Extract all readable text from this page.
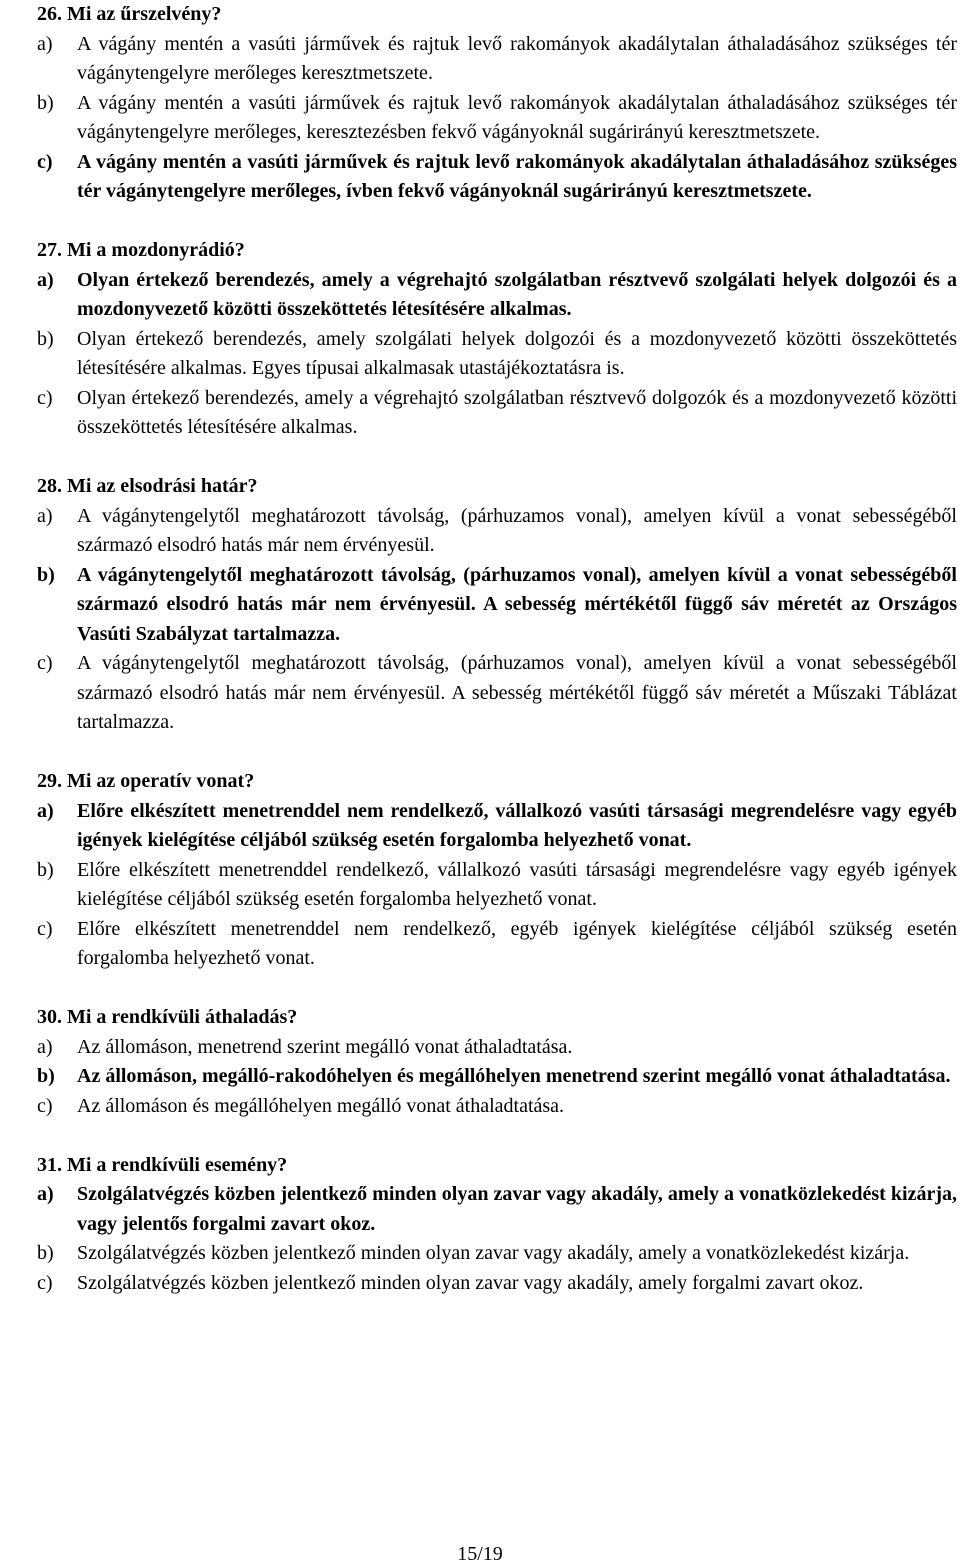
26. Mi az űrszelvény?

a) A vágány mentén a vasúti járművek és rajtuk levő rakományok akadálytalan áthaladásához szükséges tér vágánytengelyre merőleges keresztmetszete.
b) A vágány mentén a vasúti járművek és rajtuk levő rakományok akadálytalan áthaladásához szükséges tér vágánytengelyre merőleges, keresztezésben fekvő vágányoknál sugárirányú keresztmetszete.
c) A vágány mentén a vasúti járművek és rajtuk levő rakományok akadálytalan áthaladásához szükséges tér vágánytengelyre merőleges, ívben fekvő vágányoknál sugárirányú keresztmetszete.

27. Mi a mozdonyrádió?

a) Olyan értekező berendezés, amely a végrehajtó szolgálatban résztvevő szolgálati helyek dolgozói és a mozdonyvezető közötti összeköttetés létesítésére alkalmas.
b) Olyan értekező berendezés, amely szolgálati helyek dolgozói és a mozdonyvezető közötti összeköttetés létesítésére alkalmas. Egyes típusai alkalmasak utastájékoztatásra is.
c) Olyan értekező berendezés, amely a végrehajtó szolgálatban résztvevő dolgozók és a mozdonyvezető közötti összeköttetés létesítésére alkalmas.

28. Mi az elsodrási határ?

a) A vágánytengelytől meghatározott távolság, (párhuzamos vonal), amelyen kívül a vonat sebességéből származó elsodró hatás már nem érvényesül.
b) A vágánytengelytől meghatározott távolság, (párhuzamos vonal), amelyen kívül a vonat sebességéből származó elsodró hatás már nem érvényesül. A sebesség mértékétől függő sáv méretét az Országos Vasúti Szabályzat tartalmazza.
c) A vágánytengelytől meghatározott távolság, (párhuzamos vonal), amelyen kívül a vonat sebességéből származó elsodró hatás már nem érvényesül. A sebesség mértékétől függő sáv méretét a Műszaki Táblázat tartalmazza.

29. Mi az operatív vonat?

a) Előre elkészített menetrenddel nem rendelkező, vállalkozó vasúti társasági megrendelésre vagy egyéb igények kielégítése céljából szükség esetén forgalomba helyezhető vonat.
b) Előre elkészített menetrenddel rendelkező, vállalkozó vasúti társasági megrendelésre vagy egyéb igények kielégítése céljából szükség esetén forgalomba helyezhető vonat.
c) Előre elkészített menetrenddel nem rendelkező, egyéb igények kielégítése céljából szükség esetén forgalomba helyezhető vonat.

30. Mi a rendkívüli áthaladás?

a) Az állomáson, menetrend szerint megálló vonat áthaladtatása.
b) Az állomáson, megálló-rakodóhelyen és megállóhelyen menetrend szerint megálló vonat áthaladtatása.
c) Az állomáson és megállóhelyen megálló vonat áthaladtatása.

31. Mi a rendkívüli esemény?

a) Szolgálatvégzés közben jelentkező minden olyan zavar vagy akadály, amely a vonatközlekedést kizárja, vagy jelentős forgalmi zavart okoz.
b) Szolgálatvégzés közben jelentkező minden olyan zavar vagy akadály, amely a vonatközlekedést kizárja.
c) Szolgálatvégzés közben jelentkező minden olyan zavar vagy akadály, amely forgalmi zavart okoz.
15/19
